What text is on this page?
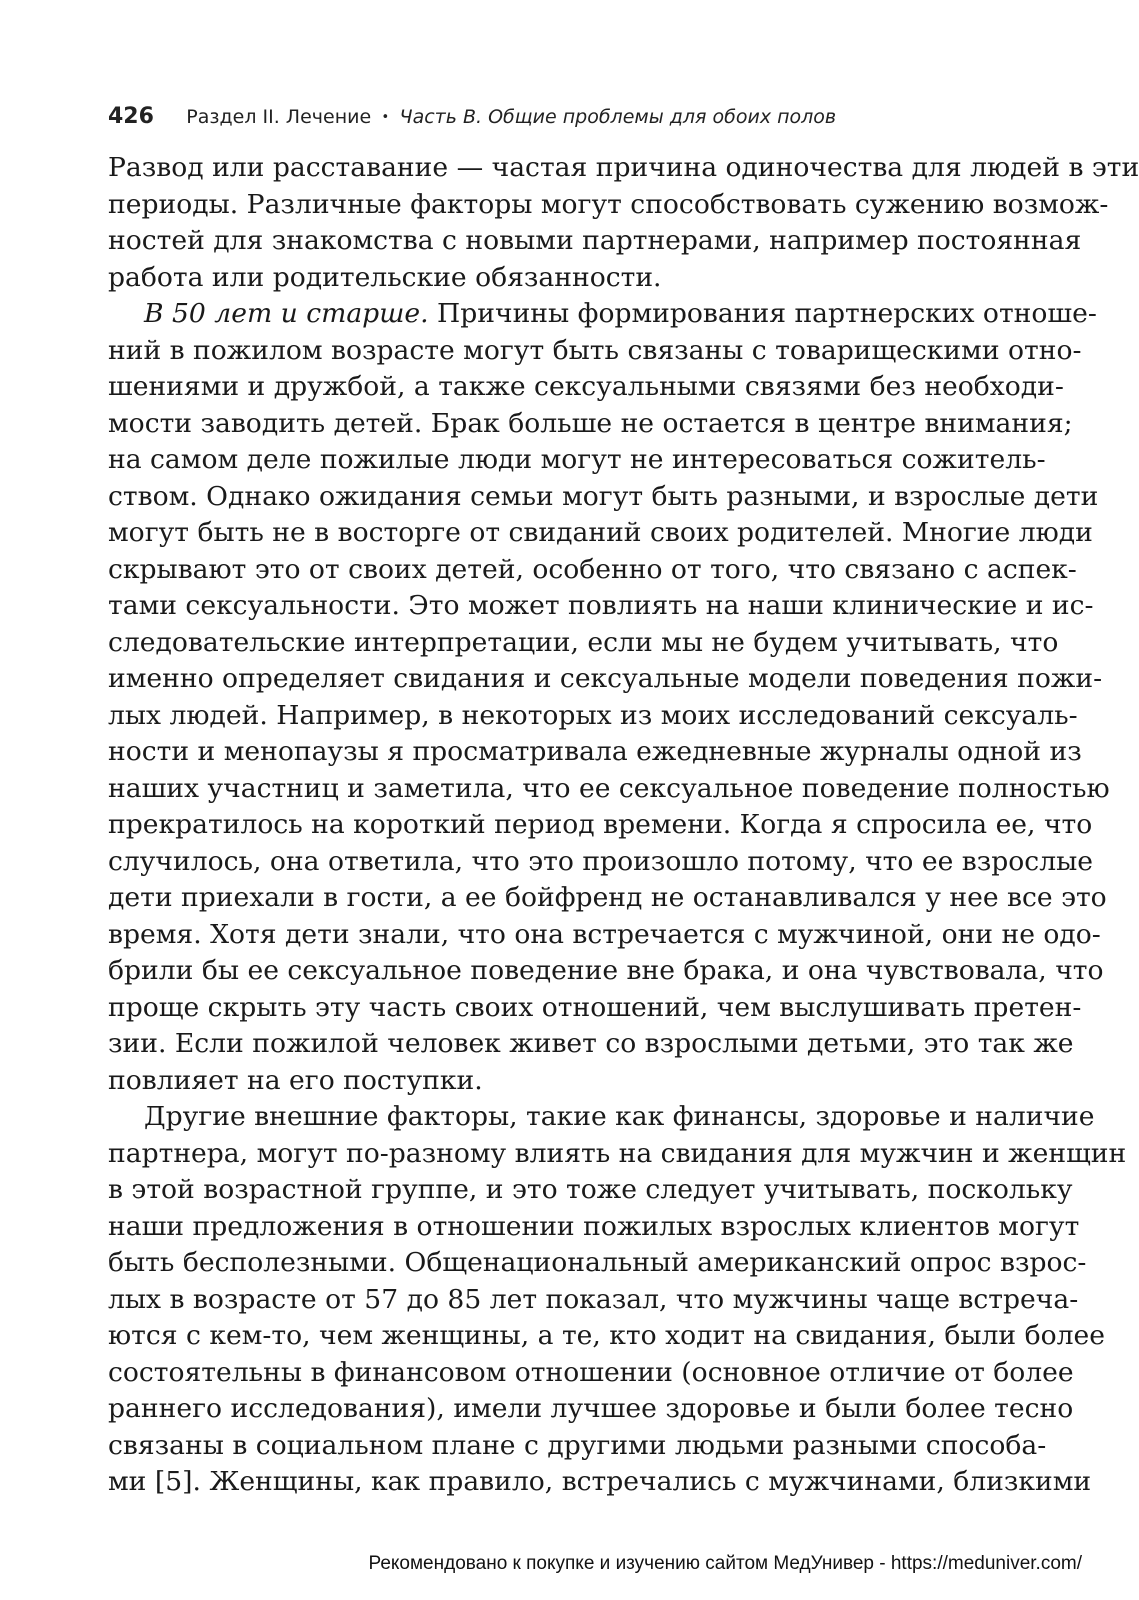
426 Раздел II. Лечение • Часть В. Общие проблемы для обоих полов
Развод или расставание — частая причина одиночества для людей в эти
периоды. Различные факторы могут способствовать сужению возмож-
ностей для знакомства с новыми партнерами, например постоянная
работа или родительские обязанности.
В 50 лет и старше. Причины формирования партнерских отноше-
ний в пожилом возрасте могут быть связаны с товарищескими отно-
шениями и дружбой, а также сексуальными связями без необходи-
мости заводить детей. Брак больше не остается в центре внимания;
на самом деле пожилые люди могут не интересоваться сожитель-
ством. Однако ожидания семьи могут быть разными, и взрослые дети
могут быть не в восторге от свиданий своих родителей. Многие люди
скрывают это от своих детей, особенно от того, что связано с аспек-
тами сексуальности. Это может повлиять на наши клинические и ис-
следовательские интерпретации, если мы не будем учитывать, что
именно определяет свидания и сексуальные модели поведения пожи-
лых людей. Например, в некоторых из моих исследований сексуаль-
ности и менопаузы я просматривала ежедневные журналы одной из
наших участниц и заметила, что ее сексуальное поведение полностью
прекратилось на короткий период времени. Когда я спросила ее, что
случилось, она ответила, что это произошло потому, что ее взрослые
дети приехали в гости, а ее бойфренд не останавливался у нее все это
время. Хотя дети знали, что она встречается с мужчиной, они не одо-
брили бы ее сексуальное поведение вне брака, и она чувствовала, что
проще скрыть эту часть своих отношений, чем выслушивать претен-
зии. Если пожилой человек живет со взрослыми детьми, это так же
повлияет на его поступки.
Другие внешние факторы, такие как финансы, здоровье и наличие
партнера, могут по-разному влиять на свидания для мужчин и женщин
в этой возрастной группе, и это тоже следует учитывать, поскольку
наши предложения в отношении пожилых взрослых клиентов могут
быть бесполезными. Общенациональный американский опрос взрос-
лых в возрасте от 57 до 85 лет показал, что мужчины чаще встреча-
ются с кем-то, чем женщины, а те, кто ходит на свидания, были более
состоятельны в финансовом отношении (основное отличие от более
раннего исследования), имели лучшее здоровье и были более тесно
связаны в социальном плане с другими людьми разными способа-
ми [5]. Женщины, как правило, встречались с мужчинами, близкими
Рекомендовано к покупке и изучению сайтом МедУнивер - https://meduniver.com/
